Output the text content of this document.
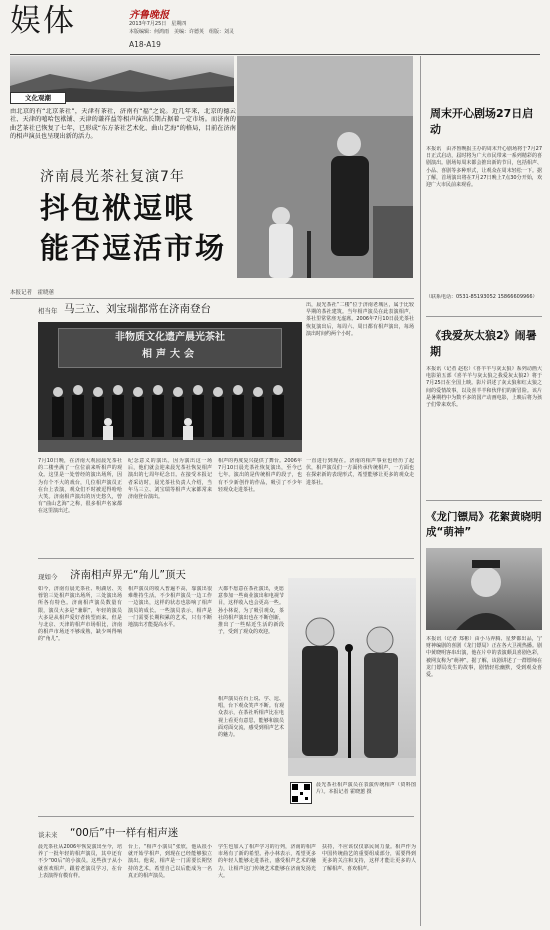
娱体	齐鲁晚报
2013年7月25日　星期四
本版编辑：何鸿雨　美编：许德英　组版：刘灵
A18-A19
文化观潮
由北京的有“北京茶社”，天津有茶社，济南有“福”之说。近几年来，北京的德云社、天津的嘻哈包袱铺、天津的谦祥益等相声演出长期占据着一定市场。而济南的曲艺茶社已恢复了七年，已形成“东方茶社艺术化、曲山艺海”的格局，目前在济南的相声演员也呈现出新的活力。
济南晨光茶社复演7年
抖包袱逗哏
能否逗活市场
本报记者　霍晓蕙
相当年 马三立、刘宝瑞都常在济南登台
非物质文化遗产晨光茶社
相声大会
7月10日晚，在济南大观园晨光茶社的二楼坐满了一位位前来听相声的观众。这里是一处曾经的演出场所，因为有个不大的戏台，几位相声演员正在台上表演，观众们不时被逗得哈哈大笑。济南相声演出的历史悠久，曾有“曲山艺海”之称，很多相声名家都在这里演出过。
纪念意义的演出。因为演出这一场后，他们就会迎来晨光茶社恢复相声演出的七周年纪念日。在接受本报记者采访时，晨光茶社负责人介绍，当年马三立、刘宝瑞等相声大家都常来济南登台演出。
相声的再度复兴提供了舞台。2006年7月10日晨光茶社恢复演出，至今已七年。演出的是传统相声的段子，也有不少新创作的作品，吸引了不少年轻观众走进茶社。
出，晨光茶社“二楼”位于济南老城区，属于比较早期的茶社建筑。当年相声演员在此表演相声，茶社里常常座无虚席。2006年7月10日晨光茶社恢复演出后，每周六、周日都有相声演出，每场演出时间约两个小时。
一直进行到现在。济南的相声事业也经历了起伏，相声演员们一方面传承传统相声，一方面也在探索新的表现形式，希望能够让更多的观众走进茶社。
现如今 济南相声界无“角儿”顶天
如今，济南有晨光茶社、明湖居、芙蓉馆三处相声演出场所，三处演出场所各有特色。济南相声演员数量有限，演员大多是“兼职”，年轻的演员大多是从相声爱好者转型而来。但是与北京、天津的相声市场相比，济南的相声市场还不够成熟，缺少叫得响的“角儿”。
相声演员的收入普遍不高，靠演出很难维持生活。不少相声演员一边工作一边演出，这样的状态也影响了相声演员的成长。一些演员表示，相声是一门需要长期积累的艺术，只有不断地演出才能提高水平。
大都不愿意在茶社演出，更愿意参加一些商业演出和电视节目，这样收入也会更高一些。孙小林说，为了吸引观众，茶社的相声演出也在不断创新，推出了一些贴近生活的新段子，受到了观众的欢迎。
相声演员在台上说、学、逗、唱，台下观众笑声不断。有观众表示，在茶社听相声比在电视上看更有意思，能够和演员面对面交流，感受到相声艺术的魅力。
晨光茶社相声演员在表演传统相声（资料图片）。本报记者 霍晓蕙 摄
谈未来 “00后”中一样有相声迷
晨光茶社从2006年恢复演出至今，培养了一批年轻的相声演员，其中还有不少“00后”的小演员。这些孩子从小就喜欢相声，跟着老演员学习，在台上表演得有模有样。
台上，“相声小演员”张欣，他从很小就开始学相声，到现在已经能够独立演出。他说，相声是一门需要长期坚持的艺术，希望自己以后能成为一名真正的相声演员。
学生也加入了相声学习的行列，济南的相声市场有了新的希望。孙小林表示，希望更多的年轻人能够走进茶社，感受相声艺术的魅力，让相声这门传统艺术能够在济南发扬光大。
扶持，不应该仅仅靠民间力量。相声作为中国传统曲艺的重要组成部分，需要得到更多的关注和支持，这样才能让更多的人了解相声、喜欢相声。
周末开心剧场27日启动
本报讯　由齐鲁晚报主办的周末开心剧场将于7月27日正式启动，届时将为广大市民带来一系列精彩的喜剧演出。剧场每周末都会推出新的节目，包括相声、小品、喜剧等多种形式，让观众在周末轻松一下。据了解，首场演出将在7月27日晚上7点30分开始，欢迎广大市民前来观看。
（联系电话：0531-85193052 15866609966）
《我爱灰太狼2》闹暑期
本报讯（记者 赵松）《喜羊羊与灰太狼》系列动画大电影第五部《喜羊羊与灰太狼之我爱灰太狼2》将于7月25日在全国上映。影片讲述了灰太狼和红太狼之间的爱情故事，以及喜羊羊和伙伴们的新冒险。该片是暑期档中为数不多的国产动画电影，上映后将为孩子们带来欢乐。
《龙门镖局》花絮黄晓明成“萌神”
本报讯（记者 郑彬）由小马奔腾、星梦都出品，宁财神编剧的喜剧《龙门镖局》正在各大卫视热播。剧中黄晓明客串出演，他在片中的表演颇具喜剧色彩，被网友称为“萌神”。据了解，该剧讲述了一群镖师在龙门镖局发生的故事，剧情轻松幽默，受到观众喜爱。
